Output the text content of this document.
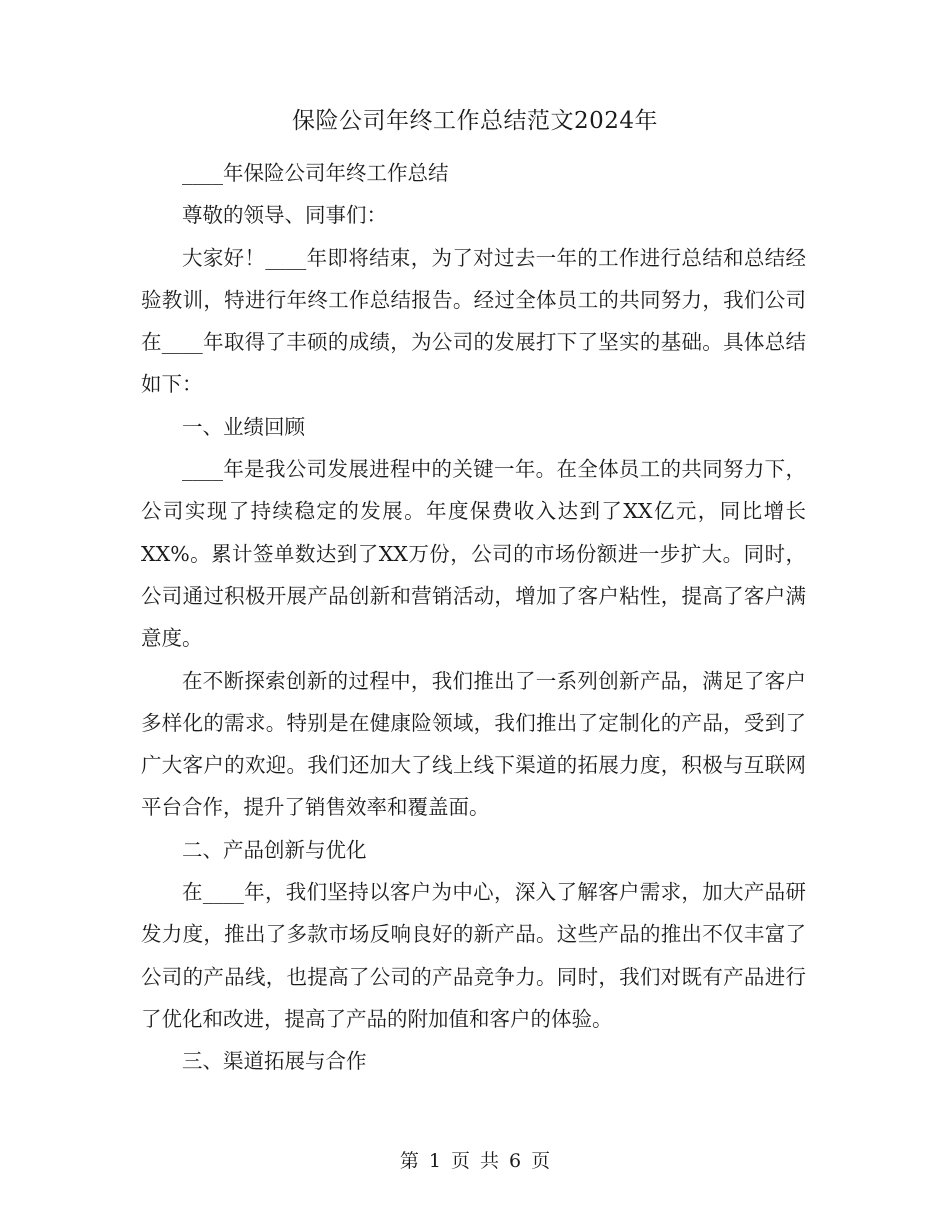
保险公司年终工作总结范文2024年

____年保险公司年终工作总结

尊敬的领导、同事们：

大家好！____年即将结束，为了对过去一年的工作进行总结和总结经验教训，特进行年终工作总结报告。经过全体员工的共同努力，我们公司在____年取得了丰硕的成绩，为公司的发展打下了坚实的基础。具体总结如下：

一、业绩回顾

____年是我公司发展进程中的关键一年。在全体员工的共同努力下，公司实现了持续稳定的发展。年度保费收入达到了XX亿元，同比增长XX%。累计签单数达到了XX万份，公司的市场份额进一步扩大。同时，公司通过积极开展产品创新和营销活动，增加了客户粘性，提高了客户满意度。

在不断探索创新的过程中，我们推出了一系列创新产品，满足了客户多样化的需求。特别是在健康险领域，我们推出了定制化的产品，受到了广大客户的欢迎。我们还加大了线上线下渠道的拓展力度，积极与互联网平台合作，提升了销售效率和覆盖面。

二、产品创新与优化

在____年，我们坚持以客户为中心，深入了解客户需求，加大产品研发力度，推出了多款市场反响良好的新产品。这些产品的推出不仅丰富了公司的产品线，也提高了公司的产品竞争力。同时，我们对既有产品进行了优化和改进，提高了产品的附加值和客户的体验。

三、渠道拓展与合作

第 1 页 共 6 页
